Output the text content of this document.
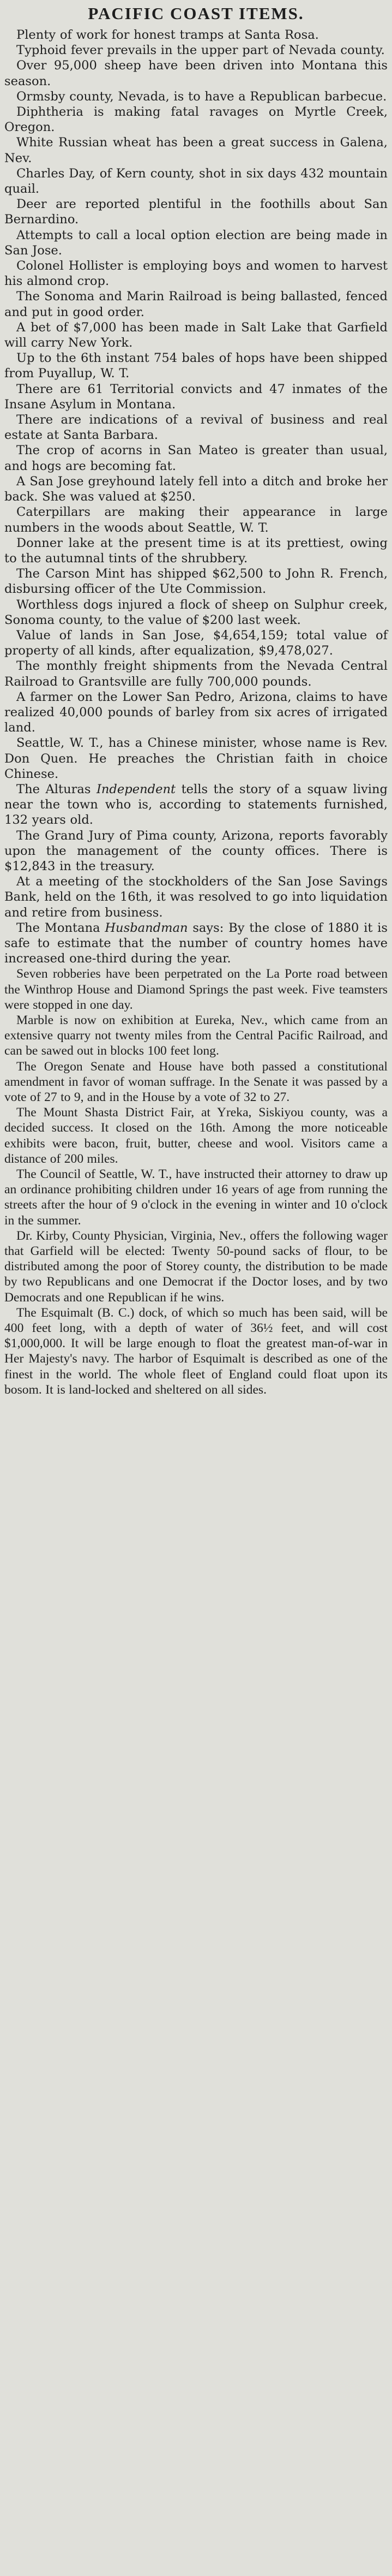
PACIFIC COAST ITEMS.

Plenty of work for honest tramps at Santa Rosa.

Typhoid fever prevails in the upper part of Nevada county.

Over 95,000 sheep have been driven into Montana this season.

Ormsby county, Nevada, is to have a Republican barbecue.

Diphtheria is making fatal ravages on Myrtle Creek, Oregon.

White Russian wheat has been a great success in Galena, Nev.

Charles Day, of Kern county, shot in six days 432 mountain quail.

Deer are reported plentiful in the foothills about San Bernardino.

Attempts to call a local option election are being made in San Jose.

Colonel Hollister is employing boys and women to harvest his almond crop.

The Sonoma and Marin Railroad is being ballasted, fenced and put in good order.

A bet of $7,000 has been made in Salt Lake that Garfield will carry New York.

Up to the 6th instant 754 bales of hops have been shipped from Puyallup, W. T.

There are 61 Territorial convicts and 47 inmates of the Insane Asylum in Montana.

There are indications of a revival of business and real estate at Santa Barbara.

The crop of acorns in San Mateo is greater than usual, and hogs are becoming fat.

A San Jose greyhound lately fell into a ditch and broke her back. She was valued at $250.

Caterpillars are making their appearance in large numbers in the woods about Seattle, W. T.

Donner lake at the present time is at its prettiest, owing to the autumnal tints of the shrubbery.

The Carson Mint has shipped $62,500 to John R. French, disbursing officer of the Ute Commission.

Worthless dogs injured a flock of sheep on Sulphur creek, Sonoma county, to the value of $200 last week.

Value of lands in San Jose, $4,654,159; total value of property of all kinds, after equalization, $9,478,027.

The monthly freight shipments from the Nevada Central Railroad to Grantsville are fully 700,000 pounds.

A farmer on the Lower San Pedro, Arizona, claims to have realized 40,000 pounds of barley from six acres of irrigated land.

Seattle, W. T., has a Chinese minister, whose name is Rev. Don Quen. He preaches the Christian faith in choice Chinese.

The Alturas Independent tells the story of a squaw living near the town who is, according to statements furnished, 132 years old.

The Grand Jury of Pima county, Arizona, reports favorably upon the management of the county offices. There is $12,843 in the treasury.

At a meeting of the stockholders of the San Jose Savings Bank, held on the 16th, it was resolved to go into liquidation and retire from business.

The Montana Husbandman says: By the close of 1880 it is safe to estimate that the number of country homes have increased one-third during the year.

Seven robberies have been perpetrated on the La Porte road between the Winthrop House and Diamond Springs the past week. Five teamsters were stopped in one day.

Marble is now on exhibition at Eureka, Nev., which came from an extensive quarry not twenty miles from the Central Pacific Railroad, and can be sawed out in blocks 100 feet long.

The Oregon Senate and House have both passed a constitutional amendment in favor of woman suffrage. In the Senate it was passed by a vote of 27 to 9, and in the House by a vote of 32 to 27.

The Mount Shasta District Fair, at Yreka, Siskiyou county, was a decided success. It closed on the 16th. Among the more noticeable exhibits were bacon, fruit, butter, cheese and wool. Visitors came a distance of 200 miles.

The Council of Seattle, W. T., have instructed their attorney to draw up an ordinance prohibiting children under 16 years of age from running the streets after the hour of 9 o'clock in the evening in winter and 10 o'clock in the summer.

Dr. Kirby, County Physician, Virginia, Nev., offers the following wager that Garfield will be elected: Twenty 50-pound sacks of flour, to be distributed among the poor of Storey county, the distribution to be made by two Republicans and one Democrat if the Doctor loses, and by two Democrats and one Republican if he wins.

The Esquimalt (B. C.) dock, of which so much has been said, will be 400 feet long, with a depth of water of 36½ feet, and will cost $1,000,000. It will be large enough to float the greatest man-of-war in Her Majesty's navy. The harbor of Esquimalt is described as one of the finest in the world. The whole fleet of England could float upon its bosom. It is land-locked and sheltered on all sides.
